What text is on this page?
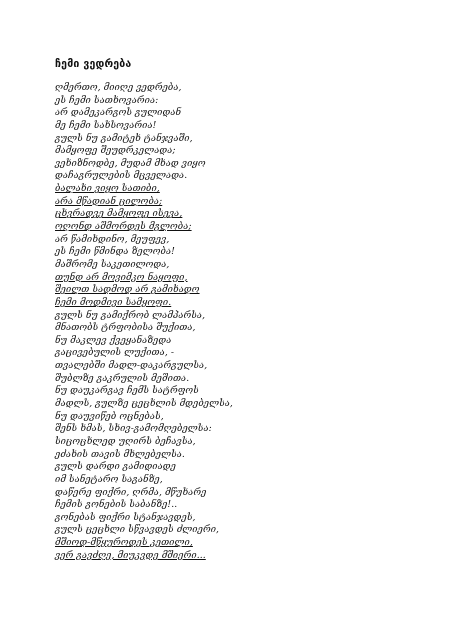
ჩემი ვედრება
ღმერთო, მიიღე ვედრება,
ეს ჩემი სათხოვარია:
არ დამეკარგოს გულიდან
მე ჩემი სახსოვარია!
გულს ნუ გამიტეხ ტანჯვაში,
მამყოფე შეუდრკელადა;
ვეხიზნოდბე, მუდამ მხად ვიყო
დაჩაგრულების მცველადა.
ბალახი ვიყო სათიბი,
არა მწადიან ცილობა;
ცხვრადვე მამყოფე ისევა,
ოღონდ აშმორდეს მგლობა;
არ წამიხდინო, მეუფევ,
ეს ჩემი წმინდა ზელობა!
მაშრომე საკეთილოდა,
თუნდ არ მოვიმკო ნაყოფი,
შეილთ სადმოდ არ გამიხადო
ჩემი მოდმივი სამყოფი.
გულს ნუ გამიქრობ ლამპარსა,
მნათობს ტრფობისა შუქითა,
ნუ მაკლევ ქვეყანაზედა
გაცივებულის ლუქითა, -
თვალებში მადლ-დაკარგულსა,
შუბლზე გაკრულის მეშითა.
ნუ დაუკარგავ ჩემს სატრფოს
მადლს, გულზე ცეცხლის მდებელსა,
ნუ დაუვიწებ ოცნებას,
შენს ხმას, სხივ-გამომღებელსა:
სიცოცხლედ უღირს ბეჩავსა,
ეძახის თავის მხლებელსა.
გულს დარდი გამიდიადე
იმ სანეტარო საგანზე,
დაწერე ფიქრი, ღრმა, მწუხარე
ჩემის გონების საბანზე!..
გონებას ფიქრი სტანჯავდეს,
გულს ცეცხლი სწვავდეს ძლიერი,
მშიოდ-მწყუროდეს კეთილი,
ვერ გავძღე, მიუკვდე მშიერი...
